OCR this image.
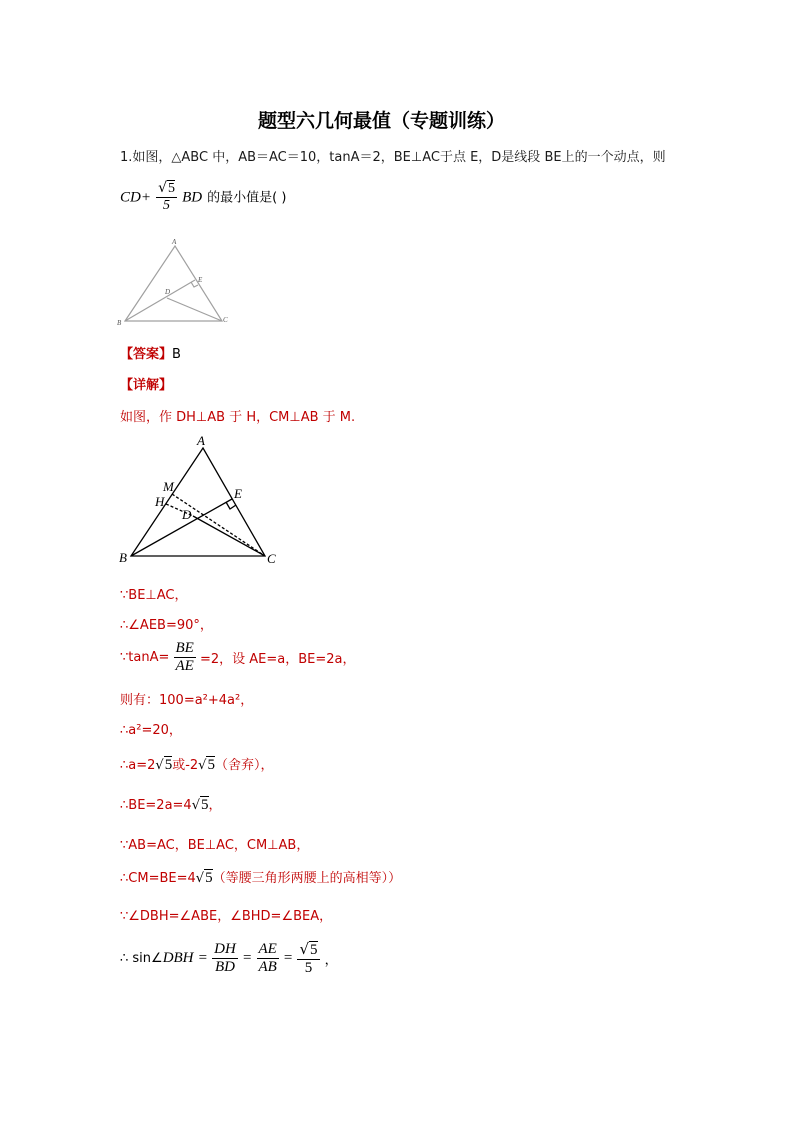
题型六几何最值（专题训练）
1.如图，△ABC 中，AB＝AC＝10，tanA＝2，BE⊥AC于点 E，D是线段 BE上的一个动点，则
$CD+ \frac{√5}{5}$ BD 的最小值是( )
A
B	C
D
E
【答案】B
【详解】
如图，作 DH⊥AB 于 H，CM⊥AB 于 M.
A
B	C
D
E
H
M
∵BE⊥AC，
∴∠AEB=90°，
∵tanA= $\frac{BE}{AE} =2$，设 AE=a，BE=2a，
则有：100=a²+4a²，
∴a²=20，
∴a=2√5或-2√5（舍弃），
∴BE=2a=4√5，
∵AB=AC，BE⊥AC，CM⊥AB，
∴CM=BE=4√5（等腰三角形两腰上的高相等））
∵∠DBH=∠ABE，∠BHD=∠BEA，
∴ sin∠DBH = $\frac{DH}{BD} = \frac{AE}{AB} = \frac{√5}{5}$ ，
